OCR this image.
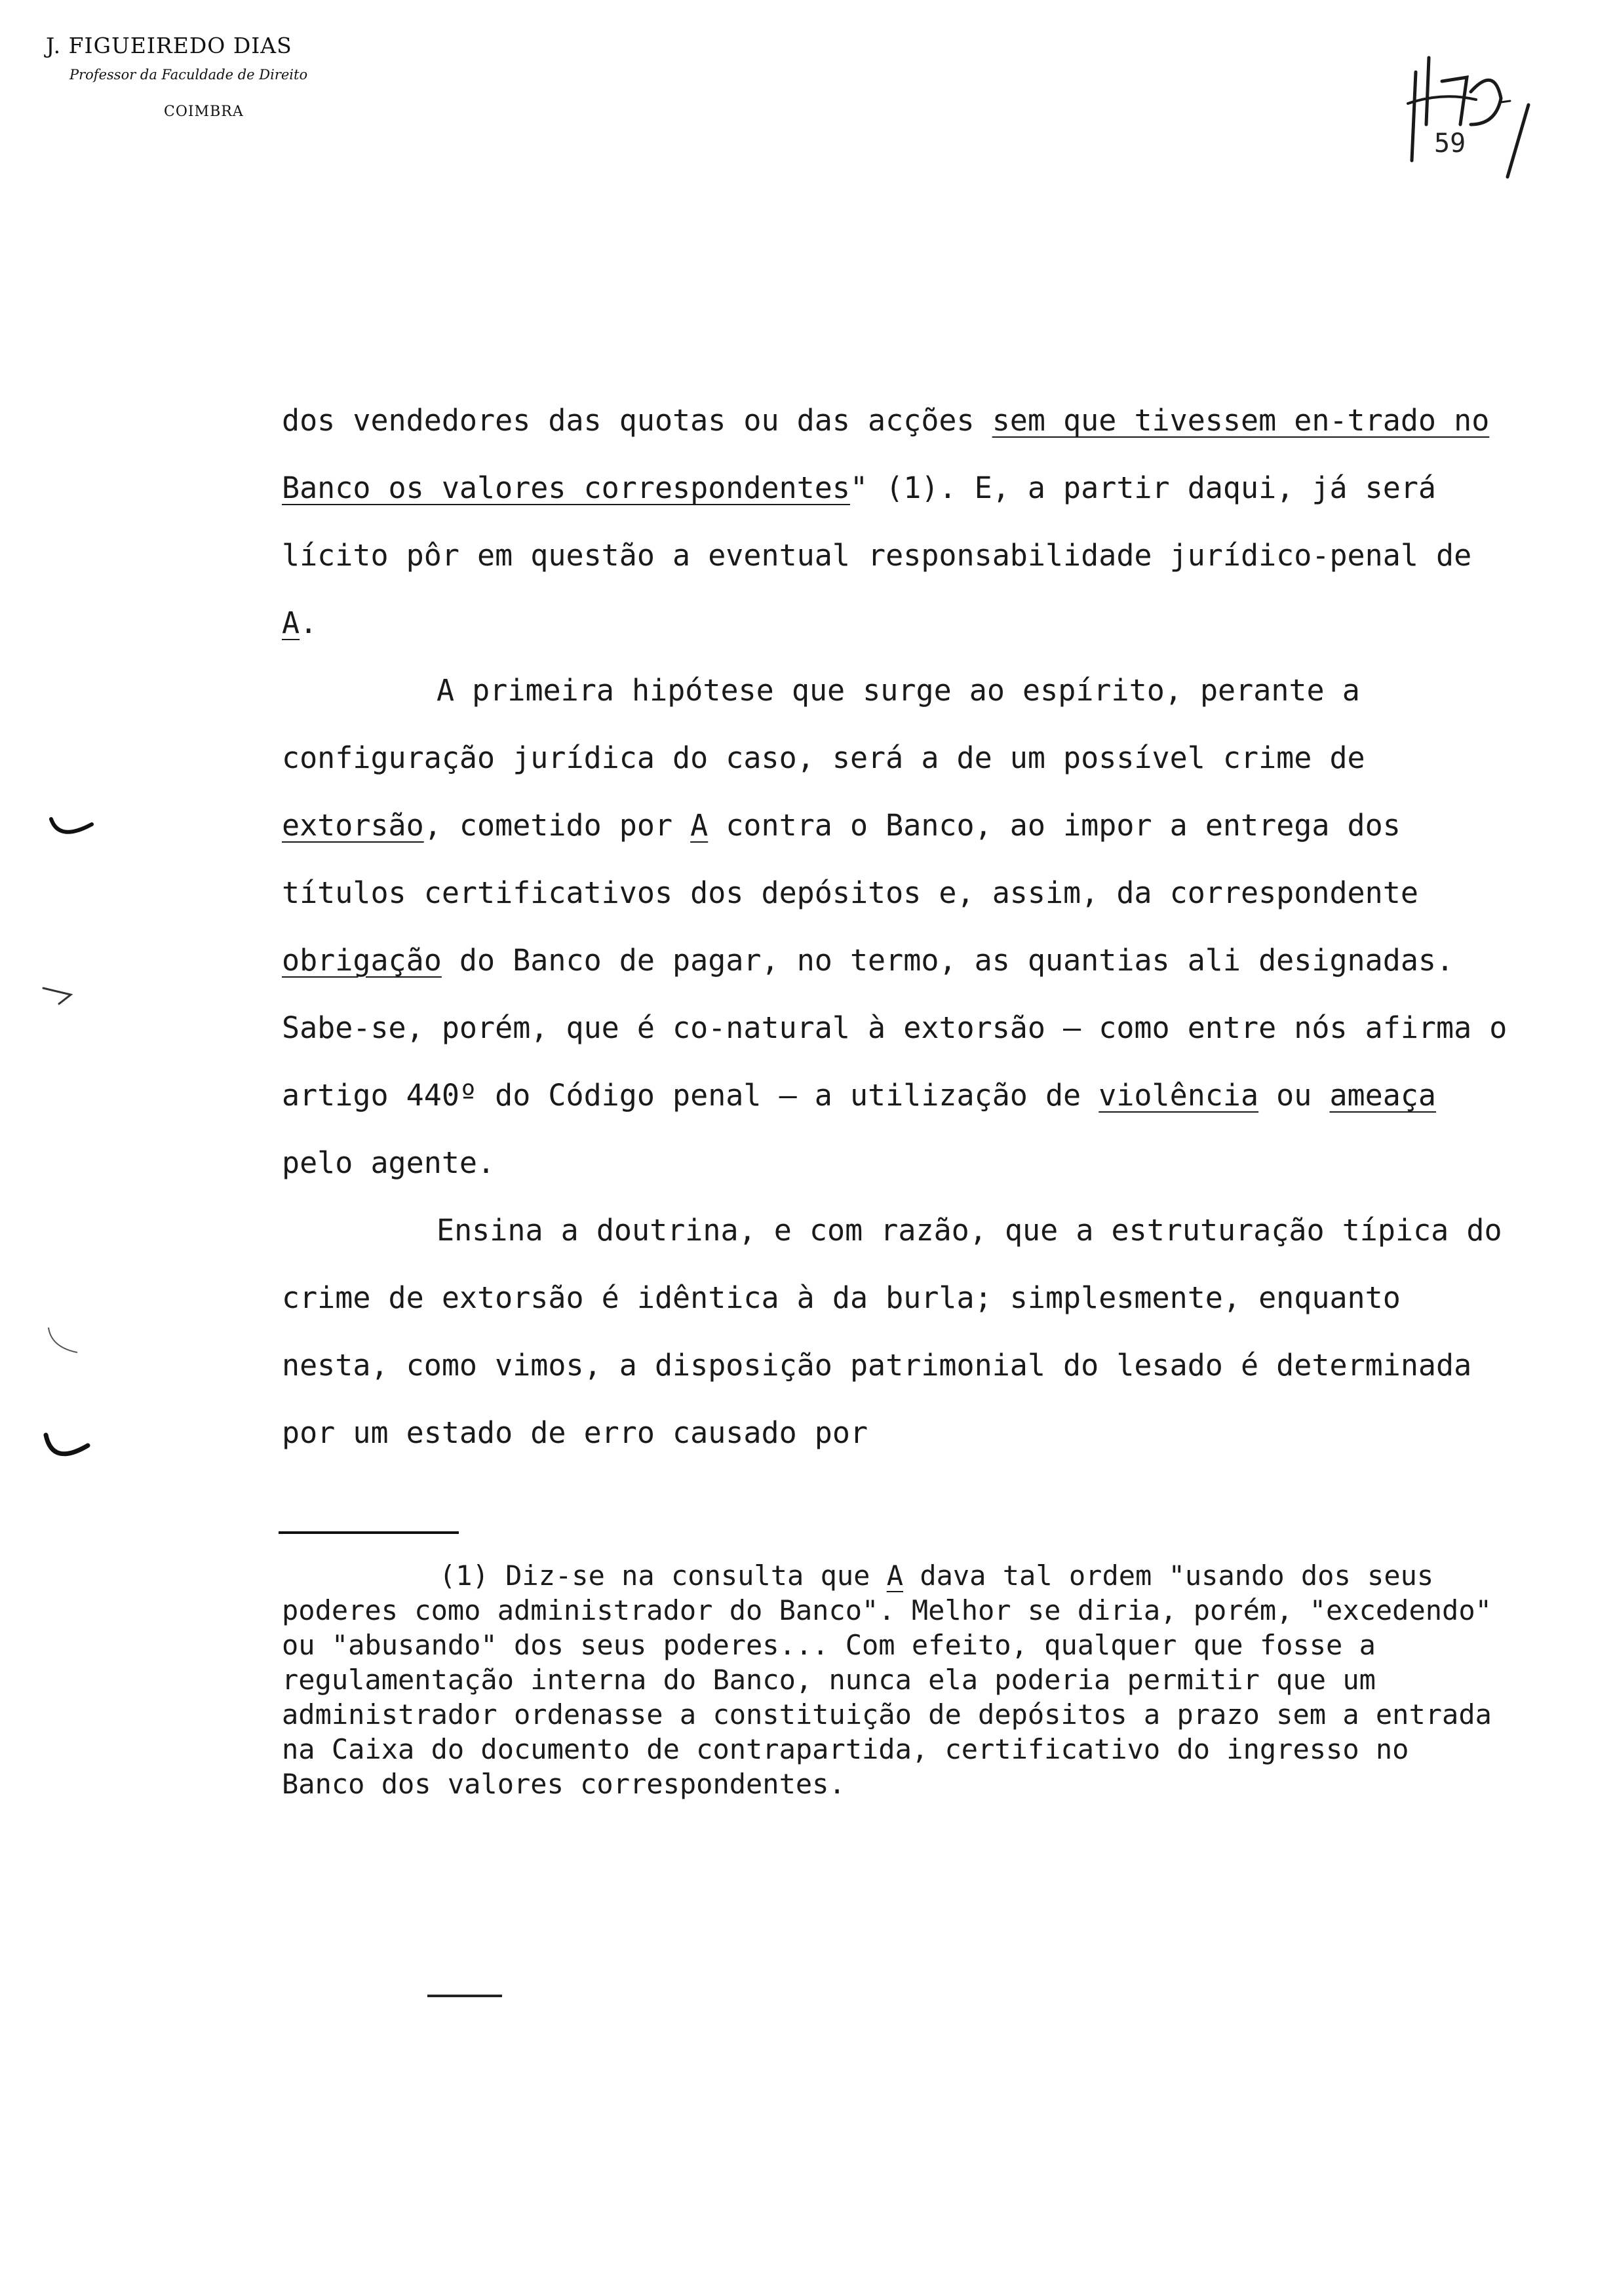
J. FIGUEIREDO DIAS
Professor da Faculdade de Direito
COIMBRA
59

dos vendedores das quotas ou das acções sem que tivessem en-trado no Banco os valores correspondentes" (1). E, a partir daqui, já será lícito pôr em questão a eventual responsabilidade jurídico-penal de A.

A primeira hipótese que surge ao espírito, perante a configuração jurídica do caso, será a de um possível crime de extorsão, cometido por A contra o Banco, ao impor a entrega dos títulos certificativos dos depósitos e, assim, da correspondente obrigação do Banco de pagar, no termo, as quantias ali designadas. Sabe-se, porém, que é co-natural à extorsão — como entre nós afirma o artigo 440º do Código penal — a utilização de violência ou ameaça pelo agente.

Ensina a doutrina, e com razão, que a estruturação típica do crime de extorsão é idêntica à da burla; simplesmente, enquanto nesta, como vimos, a disposição patrimonial do lesado é determinada por um estado de erro causado por

(1) Diz-se na consulta que A dava tal ordem "usando dos seus poderes como administrador do Banco". Melhor se diria, porém, "excedendo" ou "abusando" dos seus poderes... Com efeito, qualquer que fosse a regulamentação interna do Banco, nunca ela poderia permitir que um administrador ordenasse a constituição de depósitos a prazo sem a entrada na Caixa do documento de contrapartida, certificativo do ingresso no Banco dos valores correspondentes.
